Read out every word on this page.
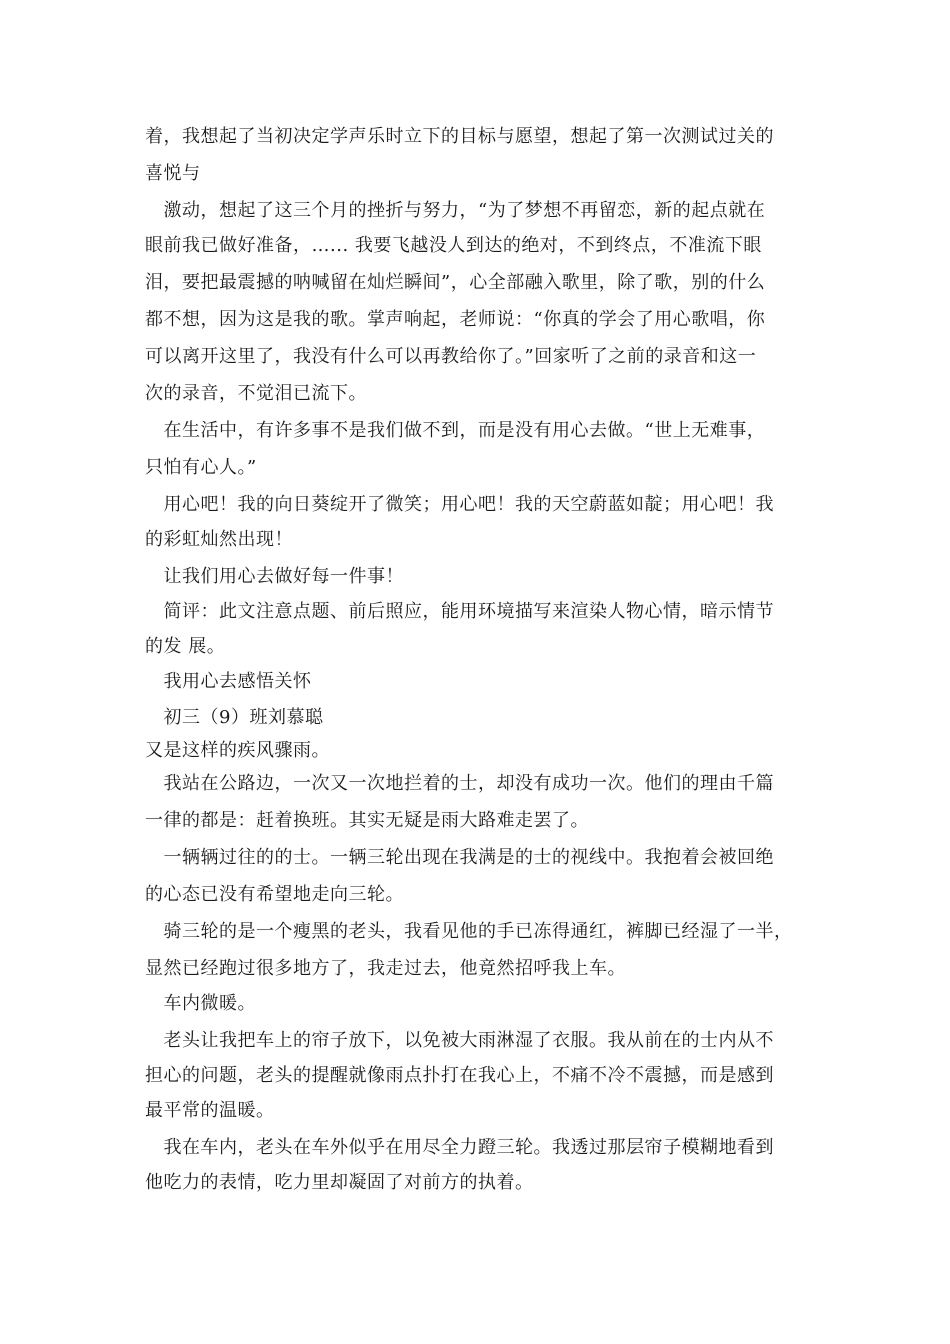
着，我想起了当初决定学声乐时立下的目标与愿望，想起了第一次测试过关的
喜悦与
　激动，想起了这三个月的挫折与努力，“为了梦想不再留恋，新的起点就在
眼前我已做好准备，…... 我要飞越没人到达的绝对，不到终点，不准流下眼
泪，要把最震撼的呐喊留在灿烂瞬间”，心全部融入歌里，除了歌，别的什么
都不想，因为这是我的歌。掌声响起，老师说：“你真的学会了用心歌唱，你
可以离开这里了，我没有什么可以再教给你了。”回家听了之前的录音和这一
次的录音，不觉泪已流下。
　在生活中，有许多事不是我们做不到，而是没有用心去做。“世上无难事，
只怕有心人。”
　用心吧！我的向日葵绽开了微笑；用心吧！我的天空蔚蓝如靛；用心吧！我
的彩虹灿然出现！
　让我们用心去做好每一件事！
　简评：此文注意点题、前后照应，能用环境描写来渲染人物心情，暗示情节
的发 展。
　我用心去感悟关怀
　初三（9）班刘慕聪
又是这样的疾风骤雨。
　我站在公路边，一次又一次地拦着的士，却没有成功一次。他们的理由千篇
一律的都是：赶着换班。其实无疑是雨大路难走罢了。
　一辆辆过往的的士。一辆三轮出现在我满是的士的视线中。我抱着会被回绝
的心态已没有希望地走向三轮。
　骑三轮的是一个瘦黑的老头，我看见他的手已冻得通红，裤脚已经湿了一半，
显然已经跑过很多地方了，我走过去，他竟然招呼我上车。
　车内微暖。
　老头让我把车上的帘子放下，以免被大雨淋湿了衣服。我从前在的士内从不
担心的问题，老头的提醒就像雨点扑打在我心上，不痛不冷不震撼，而是感到
最平常的温暖。
　我在车内，老头在车外似乎在用尽全力蹬三轮。我透过那层帘子模糊地看到
他吃力的表情，吃力里却凝固了对前方的执着。
